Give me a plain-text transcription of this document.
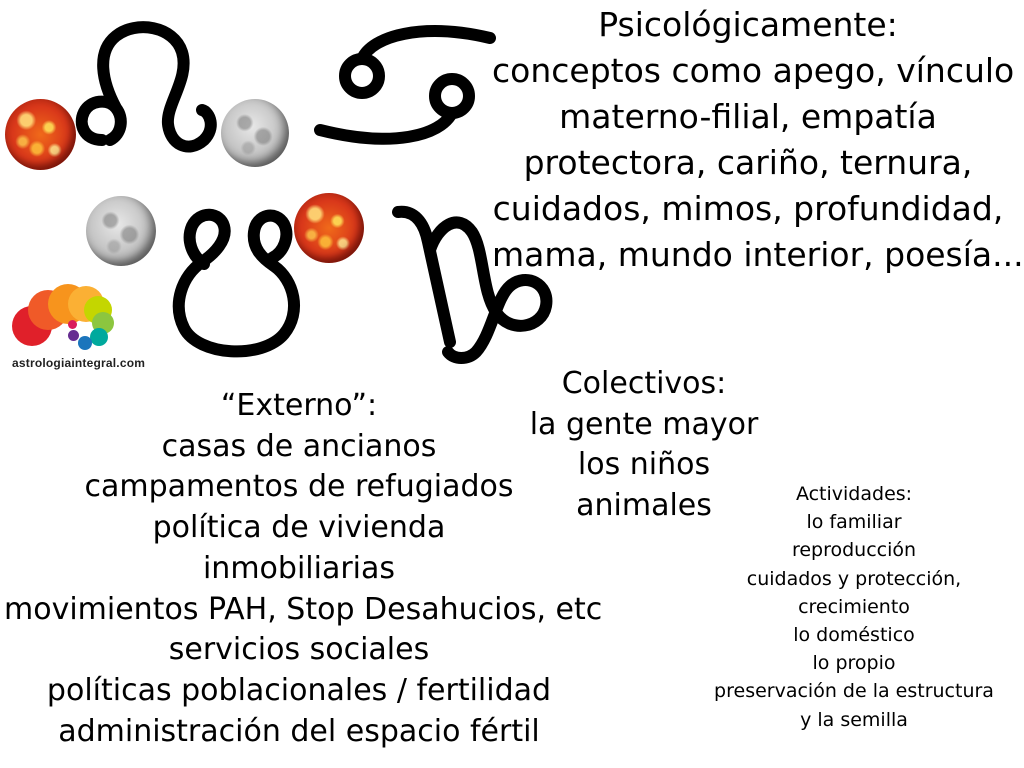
astrologiaintegral.com
Psicológicamente:
conceptos como apego, vínculo
materno-filial, empatía
protectora, cariño, ternura,
cuidados, mimos, profundidad,
mama, mundo interior, poesía...
“Externo”:
casas de ancianos
campamentos de refugiados
política de vivienda
inmobiliarias
movimientos PAH, Stop Desahucios, etc
servicios sociales
políticas poblacionales / fertilidad
administración del espacio fértil
Colectivos:
la gente mayor
los niños
animales	Actividades:
lo familiar
reproducción
cuidados y protección,
crecimiento
lo doméstico
lo propio
preservación de la estructura
y la semilla
